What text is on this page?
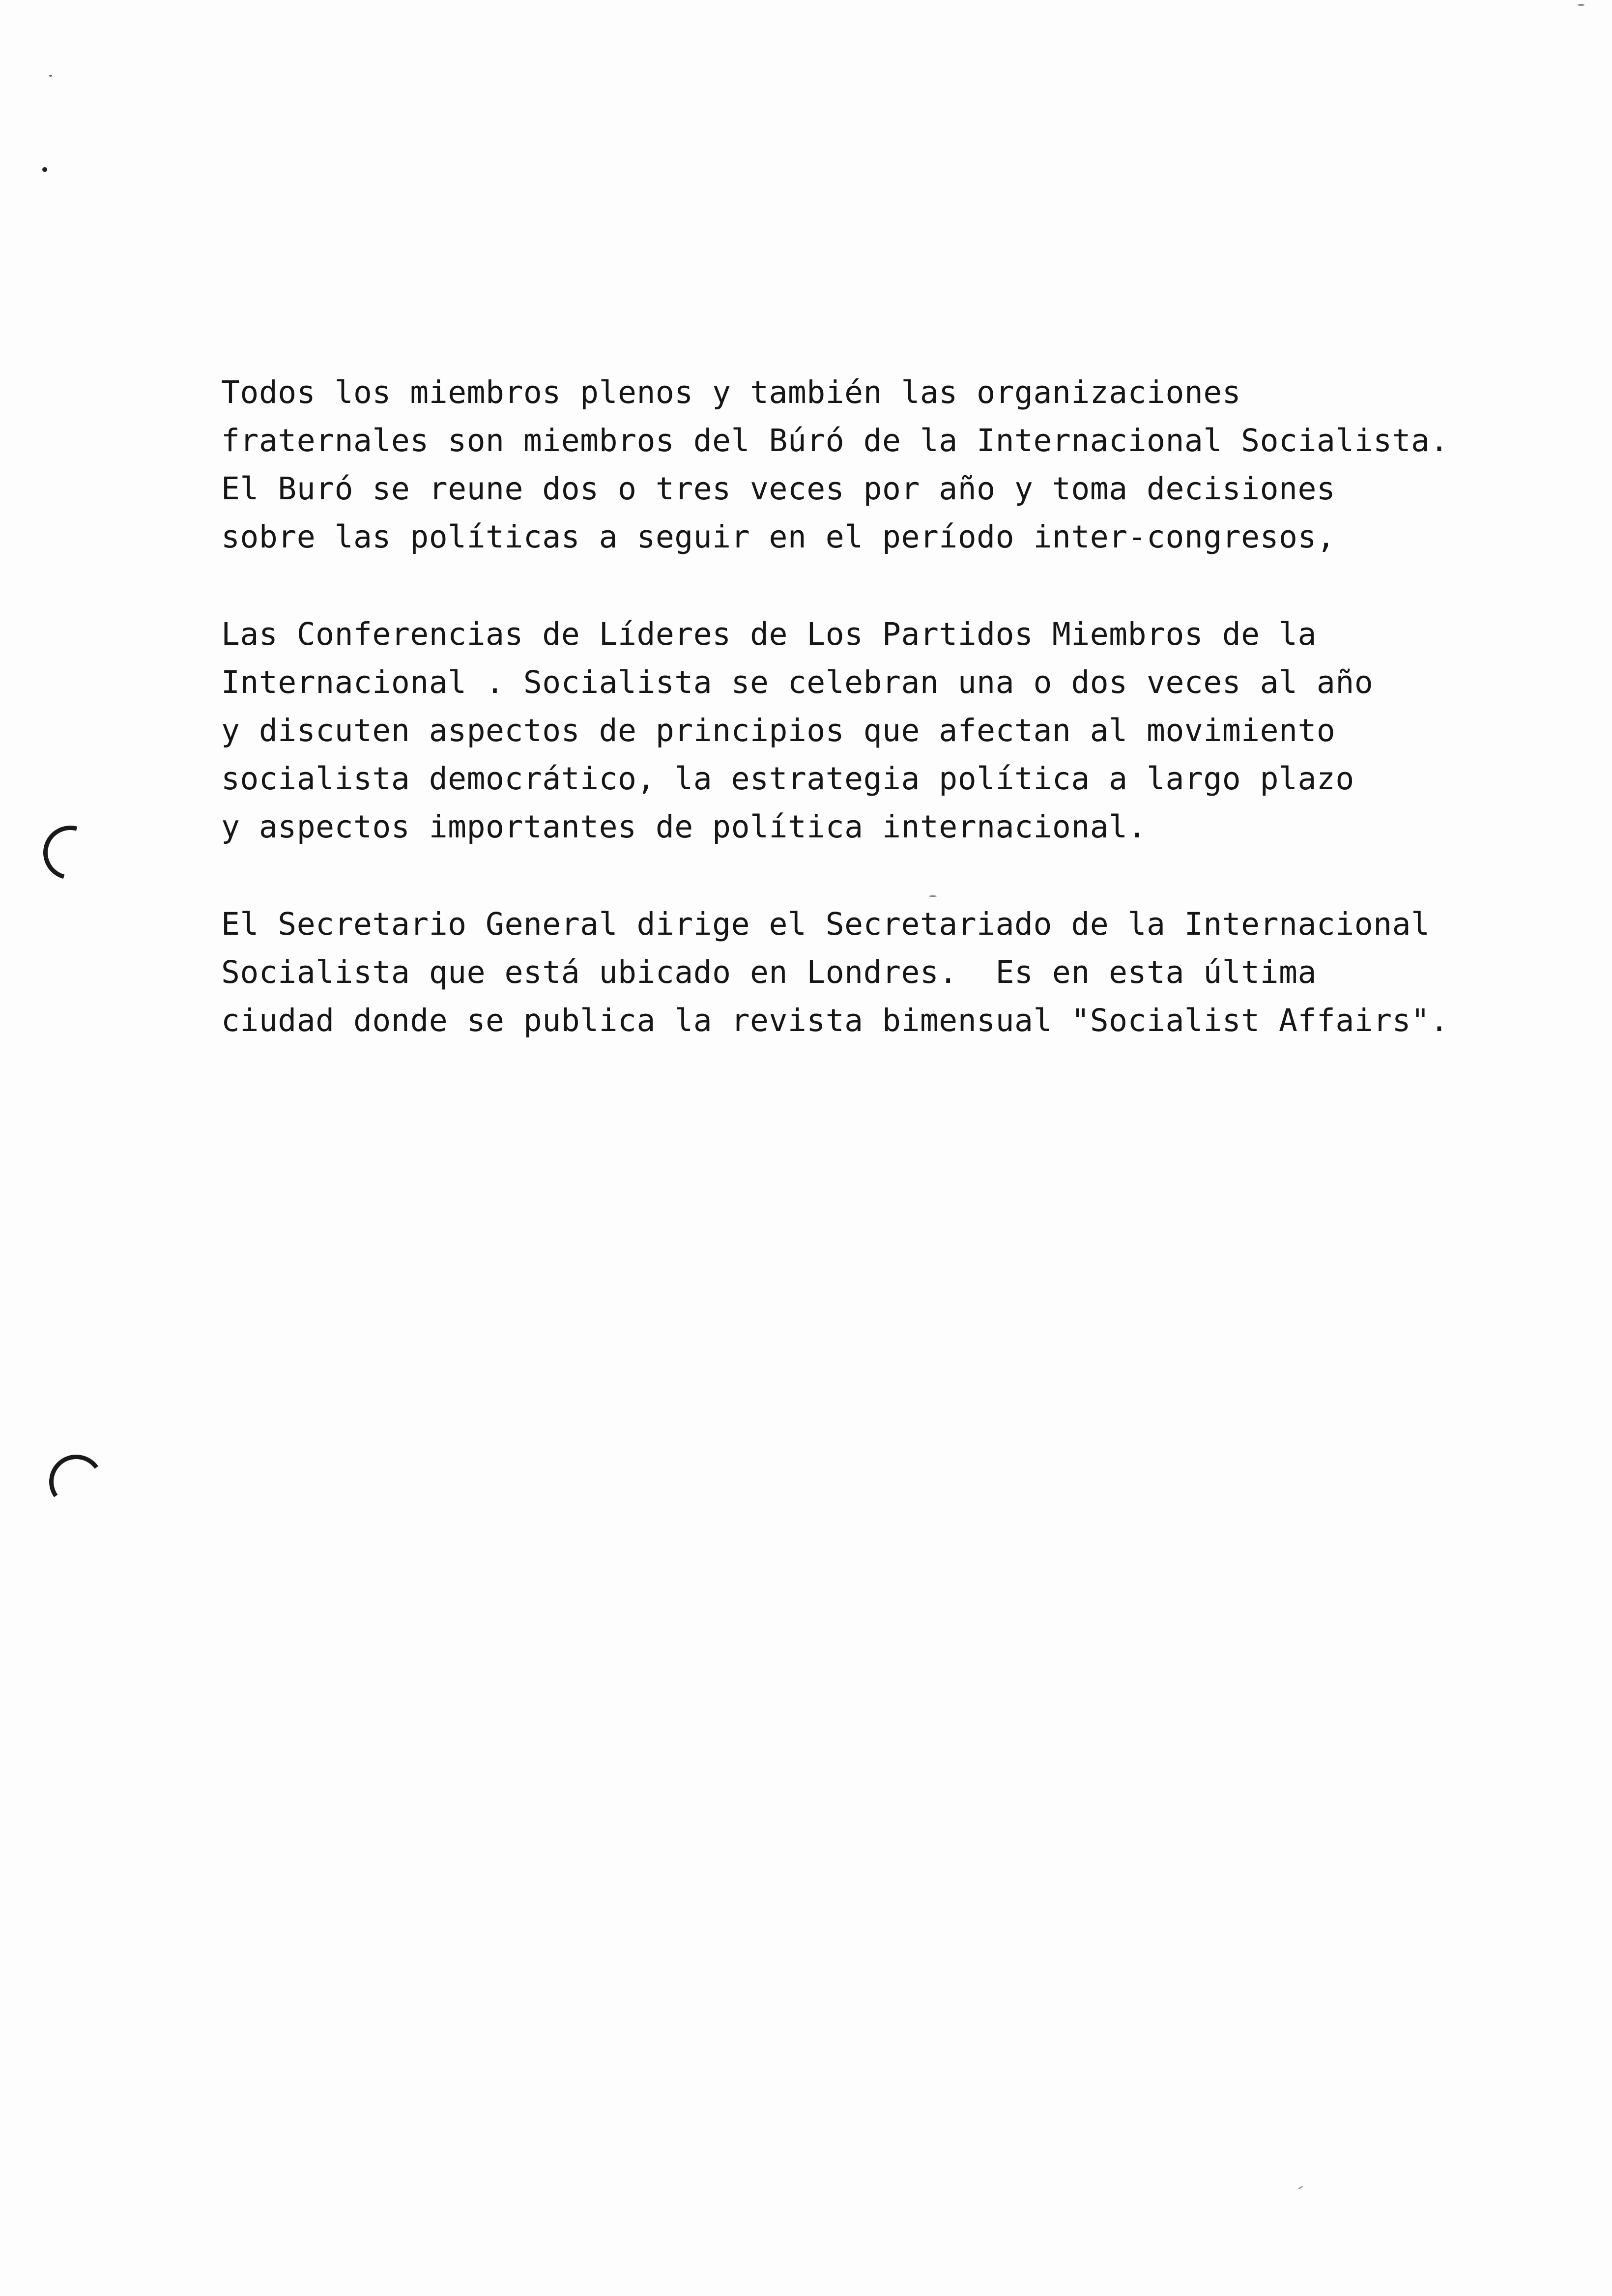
Todos los miembros plenos y también las organizaciones
fraternales son miembros del Búró de la Internacional Socialista.
El Buró se reune dos o tres veces por año y toma decisiones
sobre las políticas a seguir en el período inter-congresos,

Las Conferencias de Líderes de Los Partidos Miembros de la
Internacional . Socialista se celebran una o dos veces al año
y discuten aspectos de principios que afectan al movimiento
socialista democrático, la estrategia política a largo plazo
y aspectos importantes de política internacional.

El Secretario General dirige el Secretariado de la Internacional
Socialista que está ubicado en Londres.  Es en esta última
ciudad donde se publica la revista bimensual "Socialist Affairs".
